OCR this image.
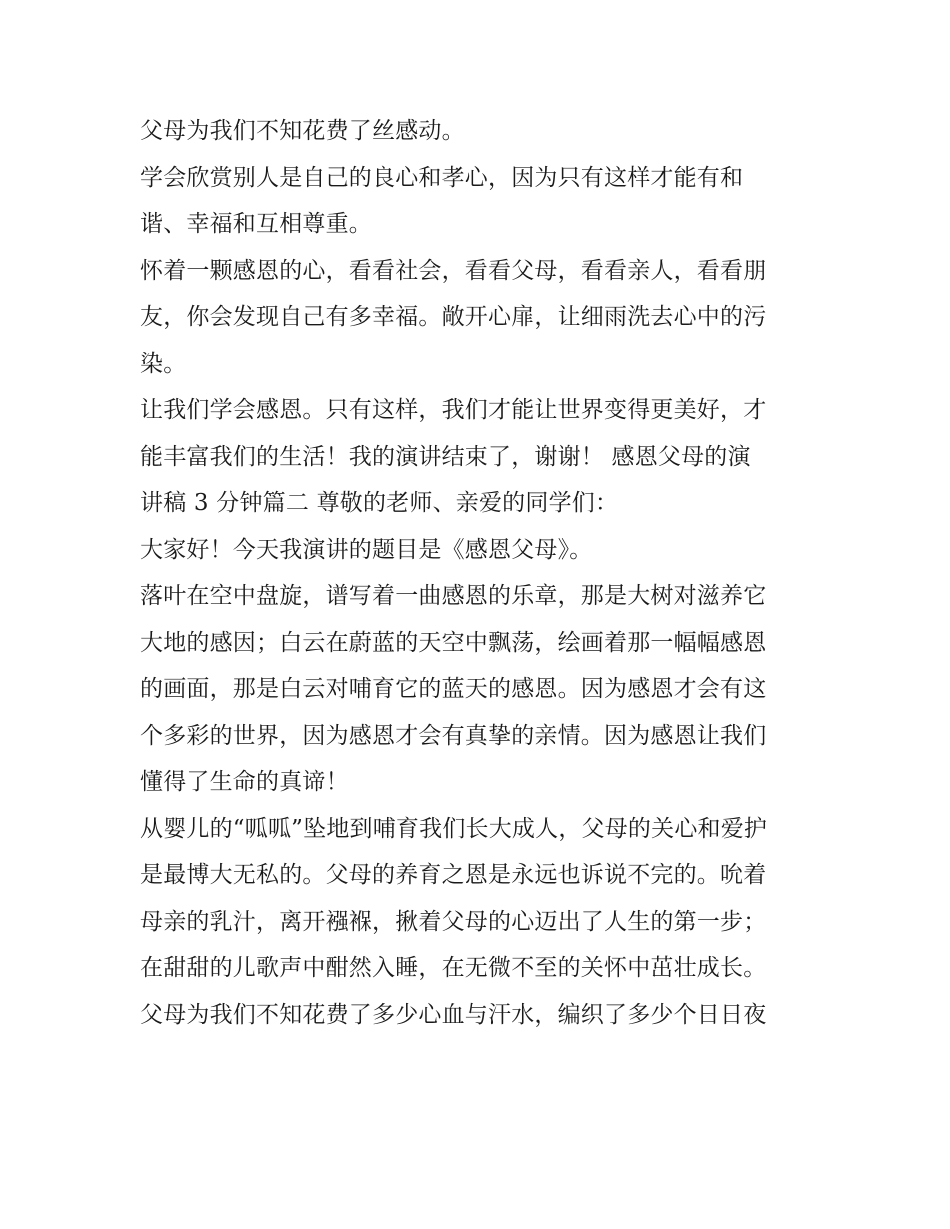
父母为我们不知花费了丝感动。
学会欣赏别人是自己的良心和孝心，因为只有这样才能有和
谐、幸福和互相尊重。
怀着一颗感恩的心，看看社会，看看父母，看看亲人，看看朋
友，你会发现自己有多幸福。敞开心扉，让细雨洗去心中的污
染。
让我们学会感恩。只有这样，我们才能让世界变得更美好，才
能丰富我们的生活！我的演讲结束了，谢谢！ 感恩父母的演
讲稿 3 分钟篇二 尊敬的老师、亲爱的同学们：
大家好！今天我演讲的题目是《感恩父母》。
落叶在空中盘旋，谱写着一曲感恩的乐章，那是大树对滋养它
大地的感因；白云在蔚蓝的天空中飘荡，绘画着那一幅幅感恩
的画面，那是白云对哺育它的蓝天的感恩。因为感恩才会有这
个多彩的世界，因为感恩才会有真挚的亲情。因为感恩让我们
懂得了生命的真谛！
从婴儿的“呱呱”坠地到哺育我们长大成人，父母的关心和爱护
是最博大无私的。父母的养育之恩是永远也诉说不完的。吮着
母亲的乳汁，离开襁褓，揪着父母的心迈出了人生的第一步；
在甜甜的儿歌声中酣然入睡，在无微不至的关怀中茁壮成长。
父母为我们不知花费了多少心血与汗水，编织了多少个日日夜
